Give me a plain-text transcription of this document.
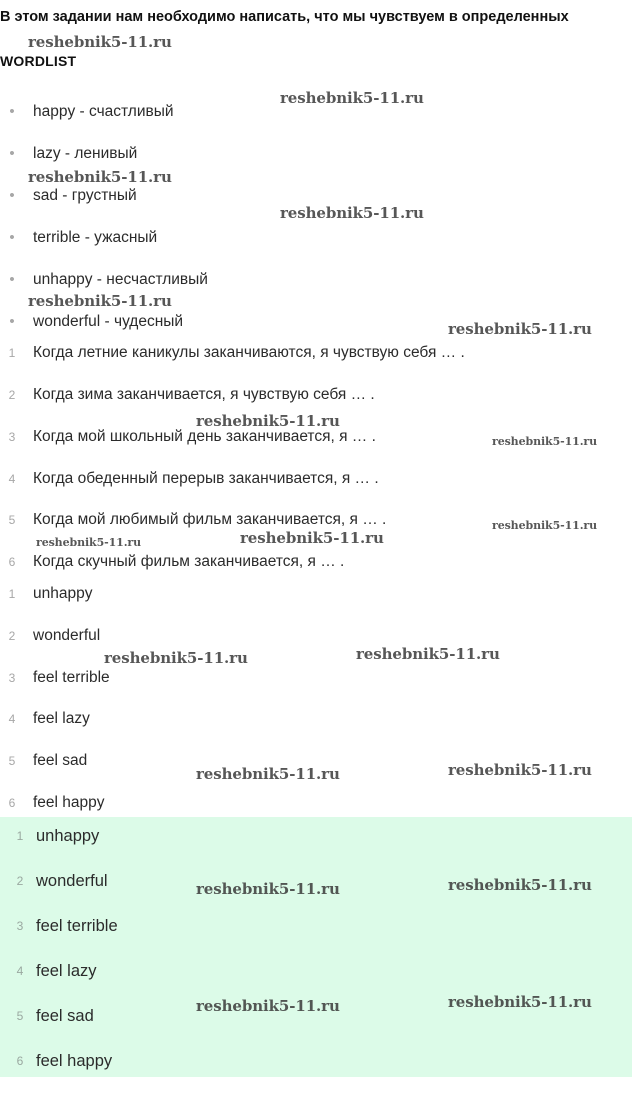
В этом задании нам необходимо написать, что мы чувствуем в определенных
WORDLIST
•	happy - счастливый
•	lazy - ленивый
•	sad - грустный
•	terrible - ужасный
•	unhappy - несчастливый
•	wonderful - чудесный
1	Когда летние каникулы заканчиваются, я чувствую себя … .
2	Когда зима заканчивается, я чувствую себя … .
3	Когда мой школьный день заканчивается, я … .
4	Когда обеденный перерыв заканчивается, я … .
5	Когда мой любимый фильм заканчивается, я … .
6	Когда скучный фильм заканчивается, я … .
1	unhappy
2	wonderful
3	feel terrible
4	feel lazy
5	feel sad
6	feel happy
1 unhappy
2 wonderful
3 feel terrible
4 feel lazy
5 feel sad
6 feel happy
reshebnik5-11.ru
reshebnik5-11.ru
reshebnik5-11.ru
reshebnik5-11.ru
reshebnik5-11.ru
reshebnik5-11.ru
reshebnik5-11.ru
reshebnik5-11.ru
reshebnik5-11.ru
reshebnik5-11.ru
reshebnik5-11.ru
reshebnik5-11.ru	reshebnik5-11.ru
reshebnik5-11.ru	reshebnik5-11.ru
reshebnik5-11.ru	reshebnik5-11.ru
reshebnik5-11.ru	reshebnik5-11.ru
